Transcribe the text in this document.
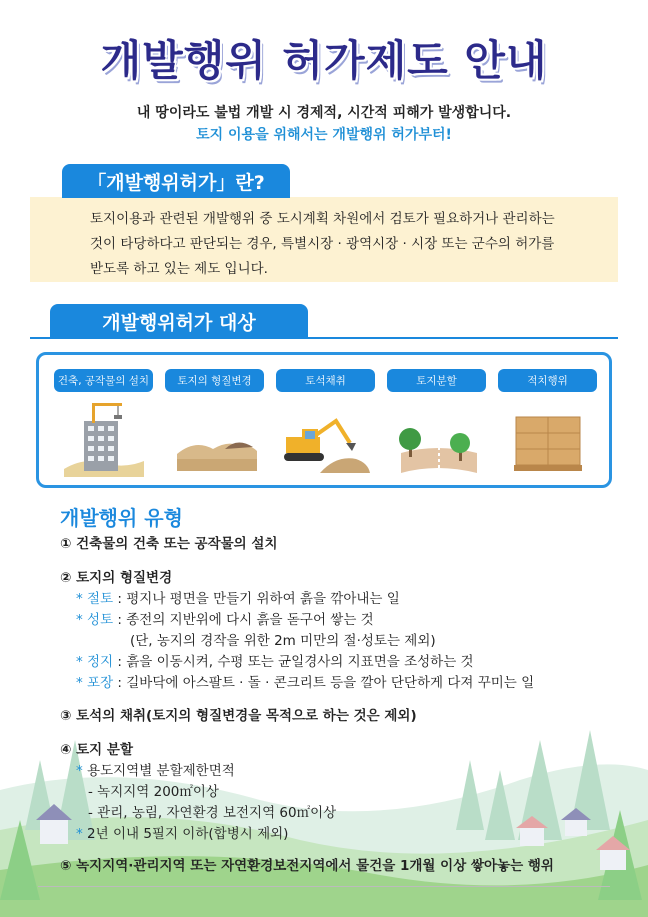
개발행위 허가제도 안내
내 땅이라도 불법 개발 시 경제적, 시간적 피해가 발생합니다.
토지 이용을 위해서는 개발행위 허가부터!
토지이용과 관련된 개발행위 중 도시계획 차원에서 검토가 필요하거나 관리하는
것이 타당하다고 판단되는 경우, 특별시장 · 광역시장 · 시장 또는 군수의 허가를
받도록 하고 있는 제도 입니다.
「개발행위허가」란?
개발행위허가 대상
건축, 공작물의 설치	토지의 형질변경	토석채취	토지분할	적치행위
개발행위 유형
① 건축물의 건축 또는 공작물의 설치
② 토지의 형질변경
* 절토 : 평지나 평면을 만들기 위하여 흙을 깎아내는 일
* 성토 : 종전의 지반위에 다시 흙을 돋구어 쌓는 것
(단, 농지의 경작을 위한 2m 미만의 절·성토는 제외)
* 정지 : 흙을 이동시켜, 수평 또는 균일경사의 지표면을 조성하는 것
* 포장 : 길바닥에 아스팔트 · 돌 · 콘크리트 등을 깔아 단단하게 다져 꾸미는 일
③ 토석의 채취(토지의 형질변경을 목적으로 하는 것은 제외)
④ 토지 분할
* 용도지역별 분할제한면적
- 녹지지역 200㎡이상
- 관리, 농림, 자연환경 보전지역 60㎡이상
* 2년 이내 5필지 이하(합병시 제외)
⑤ 녹지지역·관리지역 또는 자연환경보전지역에서 물건을 1개월 이상 쌓아놓는 행위
